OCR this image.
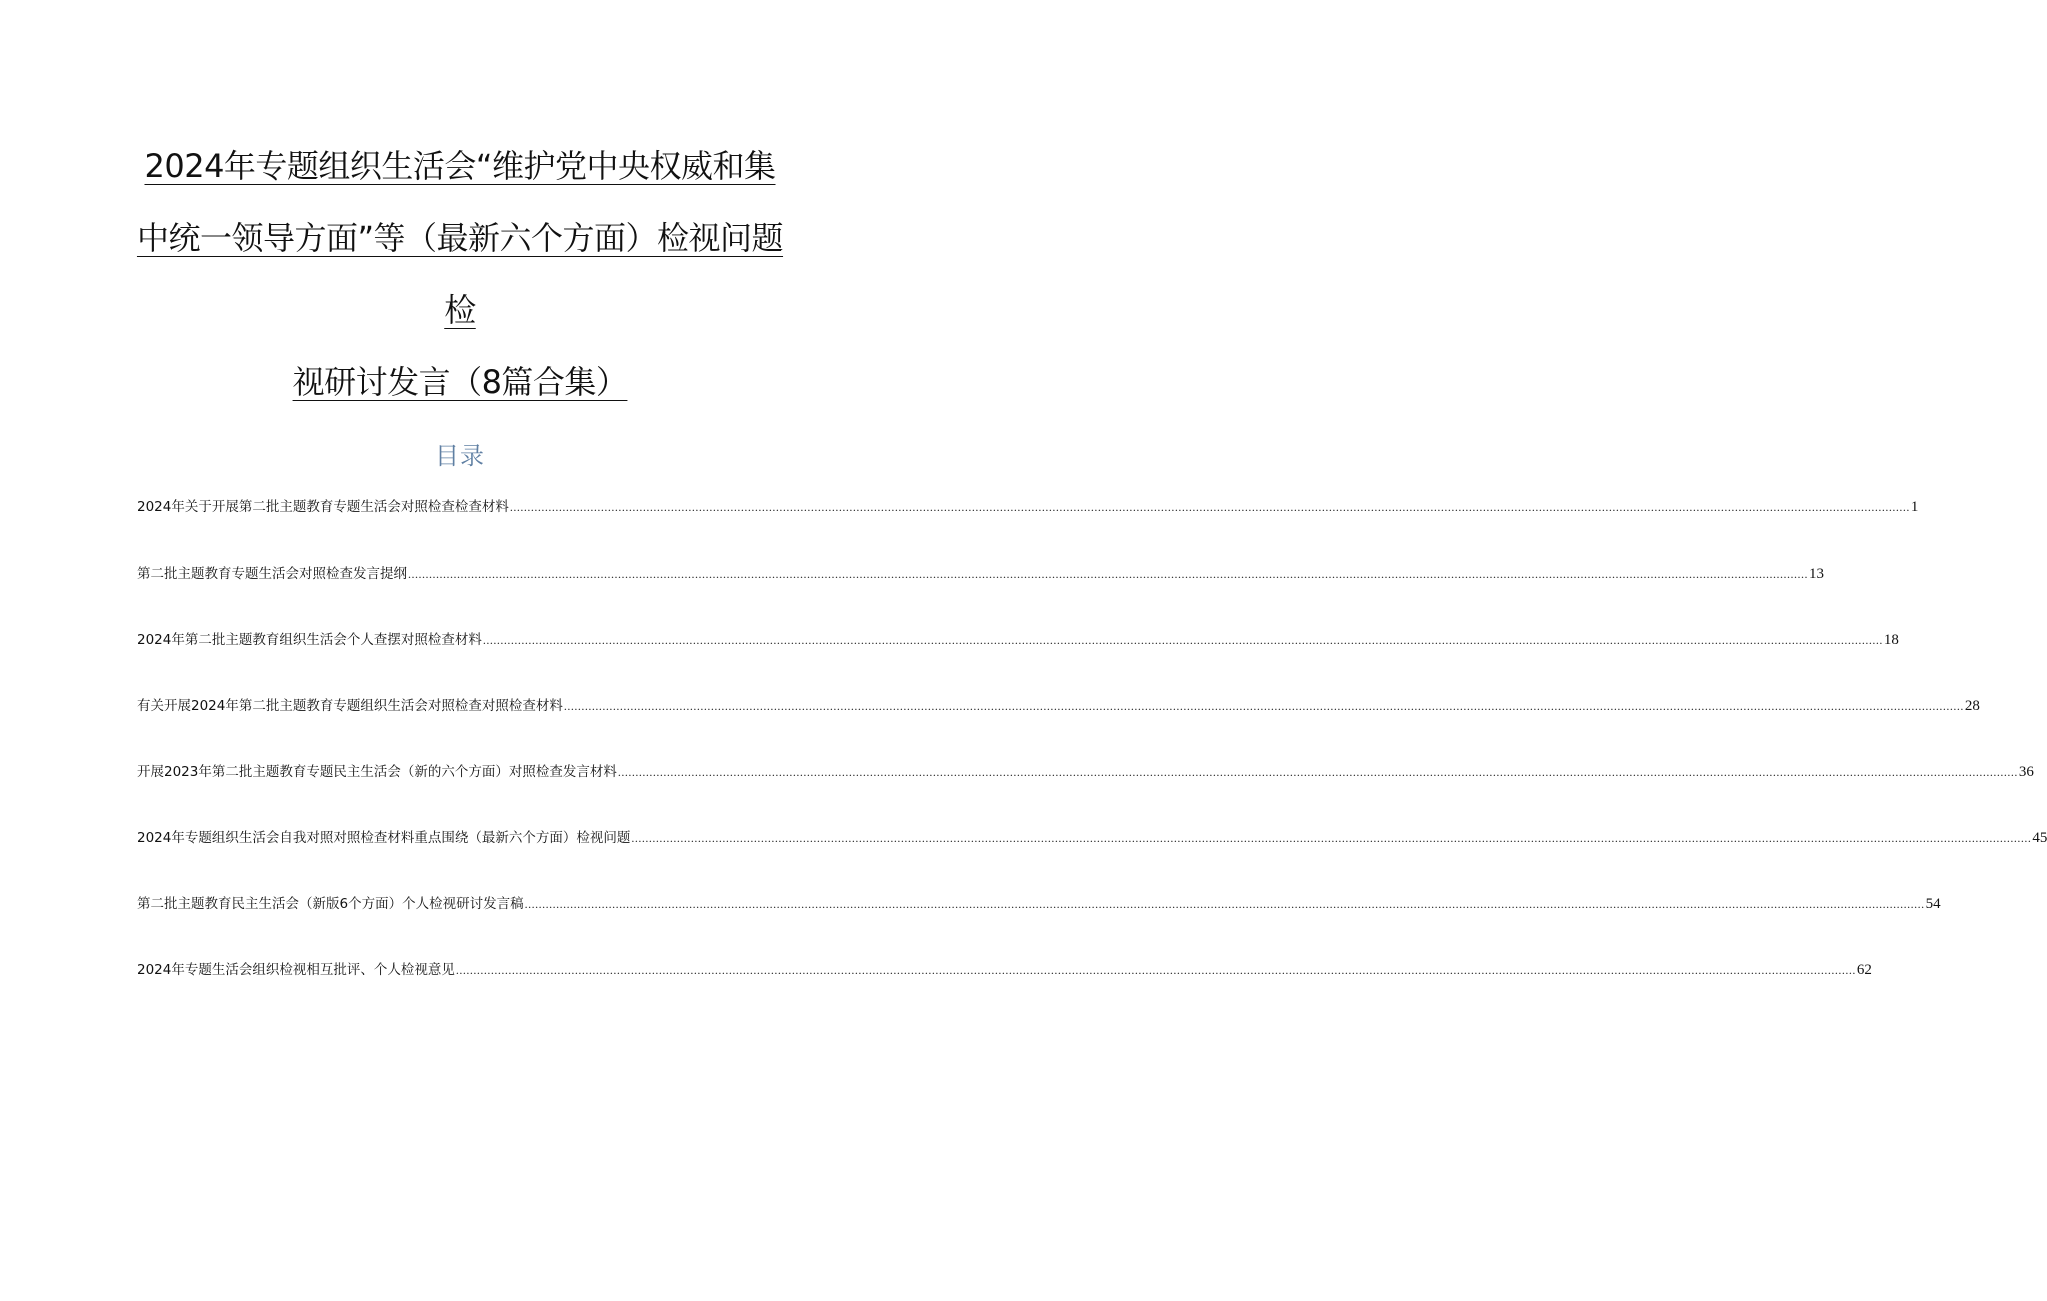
2024年专题组织生活会“维护党中央权威和集
中统一领导方面”等（最新六个方面）检视问题
检
视研讨发言（8篇合集）
目录
2024年关于开展第二批主题教育专题生活会对照检查检查材料 ................................................................................................................................................................................................................................................................................................................................................................................................................ 1
第二批主题教育专题生活会对照检查发言提纲 ................................................................................................................................................................................................................................................................................................................................................................................................................ 13
2024年第二批主题教育组织生活会个人查摆对照检查材料 ................................................................................................................................................................................................................................................................................................................................................................................................................ 18
有关开展2024年第二批主题教育专题组织生活会对照检查对照检查材料 ................................................................................................................................................................................................................................................................................................................................................................................................................ 28
开展2023年第二批主题教育专题民主生活会（新的六个方面）对照检查发言材料 ................................................................................................................................................................................................................................................................................................................................................................................................................ 36
2024年专题组织生活会自我对照对照检查材料重点围绕（最新六个方面）检视问题 ................................................................................................................................................................................................................................................................................................................................................................................................................ 45
第二批主题教育民主生活会（新版6个方面）个人检视研讨发言稿 ................................................................................................................................................................................................................................................................................................................................................................................................................ 54
2024年专题生活会组织检视相互批评、个人检视意见 ................................................................................................................................................................................................................................................................................................................................................................................................................ 62
